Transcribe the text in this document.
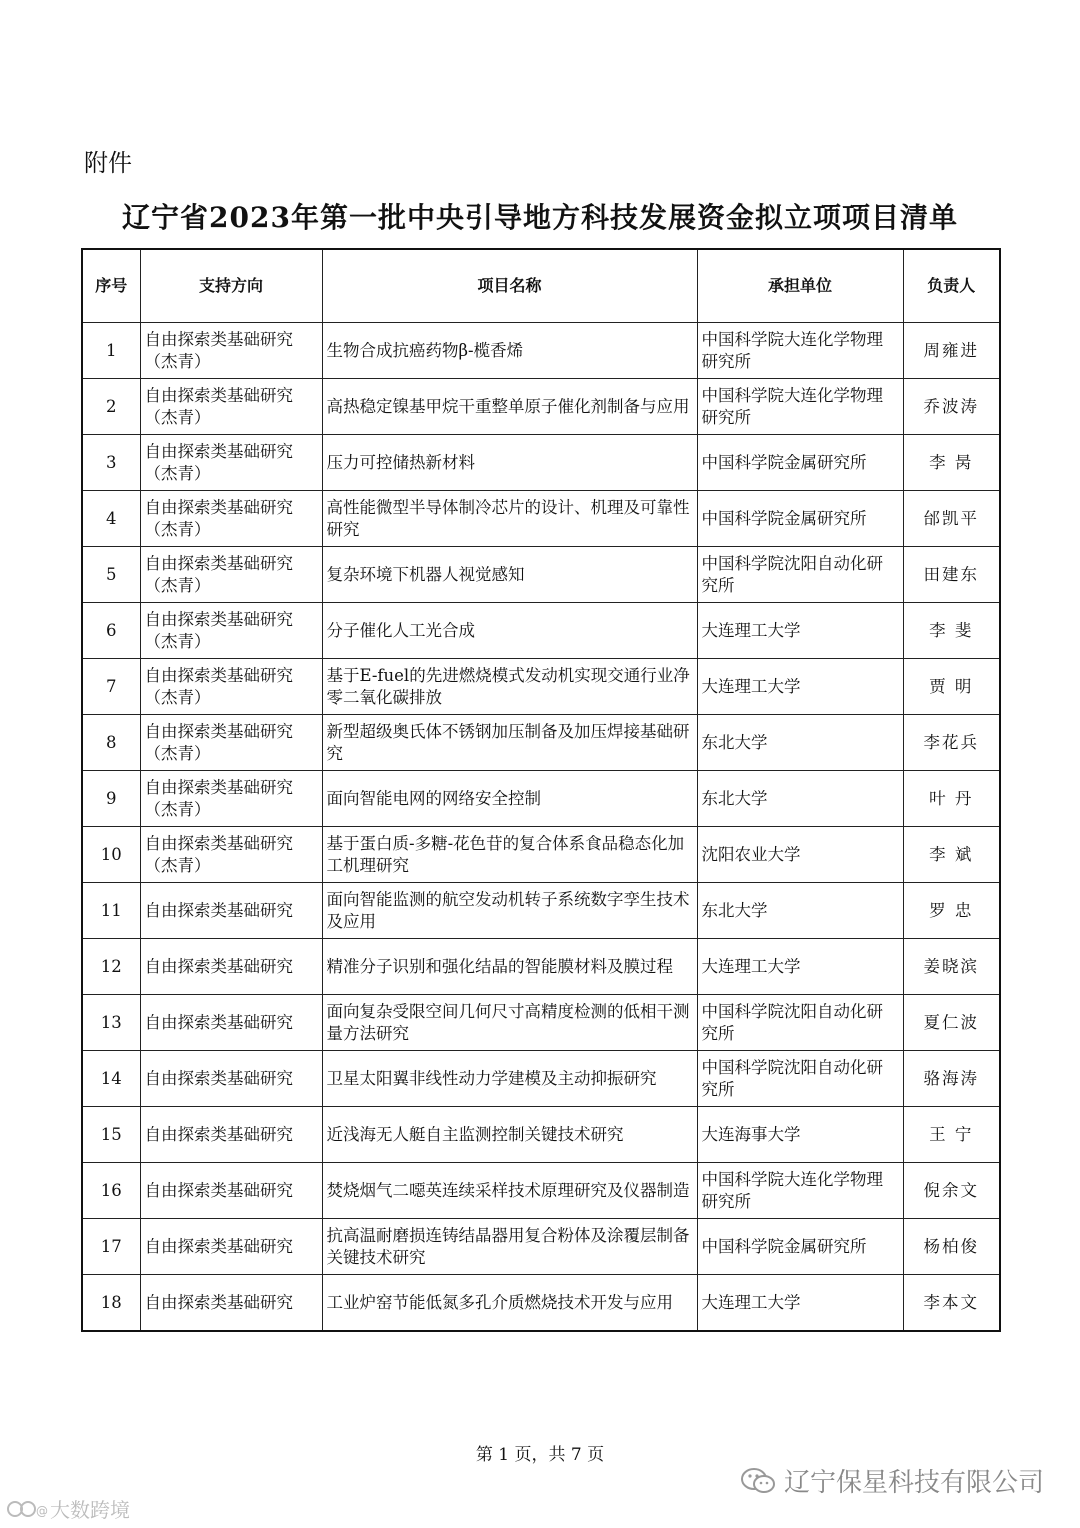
附件
辽宁省2023年第一批中央引导地方科技发展资金拟立项项目清单
序号	支持方向	项目名称	承担单位	负责人
1	自由探索类基础研究（杰青）	生物合成抗癌药物β-榄香烯	中国科学院大连化学物理研究所	周雍进
2	自由探索类基础研究（杰青）	高热稳定镍基甲烷干重整单原子催化剂制备与应用	中国科学院大连化学物理研究所	乔波涛
3	自由探索类基础研究（杰青）	压力可控储热新材料	中国科学院金属研究所	李 昺
4	自由探索类基础研究（杰青）	高性能微型半导体制冷芯片的设计、机理及可靠性研究	中国科学院金属研究所	邰凯平
5	自由探索类基础研究（杰青）	复杂环境下机器人视觉感知	中国科学院沈阳自动化研究所	田建东
6	自由探索类基础研究（杰青）	分子催化人工光合成	大连理工大学	李 斐
7	自由探索类基础研究（杰青）	基于E-fuel的先进燃烧模式发动机实现交通行业净零二氧化碳排放	大连理工大学	贾 明
8	自由探索类基础研究（杰青）	新型超级奥氏体不锈钢加压制备及加压焊接基础研究	东北大学	李花兵
9	自由探索类基础研究（杰青）	面向智能电网的网络安全控制	东北大学	叶 丹
10	自由探索类基础研究（杰青）	基于蛋白质-多糖-花色苷的复合体系食品稳态化加工机理研究	沈阳农业大学	李 斌
11	自由探索类基础研究	面向智能监测的航空发动机转子系统数字孪生技术及应用	东北大学	罗 忠
12	自由探索类基础研究	精准分子识别和强化结晶的智能膜材料及膜过程	大连理工大学	姜晓滨
13	自由探索类基础研究	面向复杂受限空间几何尺寸高精度检测的低相干测量方法研究	中国科学院沈阳自动化研究所	夏仁波
14	自由探索类基础研究	卫星太阳翼非线性动力学建模及主动抑振研究	中国科学院沈阳自动化研究所	骆海涛
15	自由探索类基础研究	近浅海无人艇自主监测控制关键技术研究	大连海事大学	王 宁
16	自由探索类基础研究	焚烧烟气二噁英连续采样技术原理研究及仪器制造	中国科学院大连化学物理研究所	倪余文
17	自由探索类基础研究	抗高温耐磨损连铸结晶器用复合粉体及涂覆层制备关键技术研究	中国科学院金属研究所	杨柏俊
18	自由探索类基础研究	工业炉窑节能低氮多孔介质燃烧技术开发与应用	大连理工大学	李本文
第 1 页，共 7 页
辽宁保星科技有限公司
@ 大数跨境
